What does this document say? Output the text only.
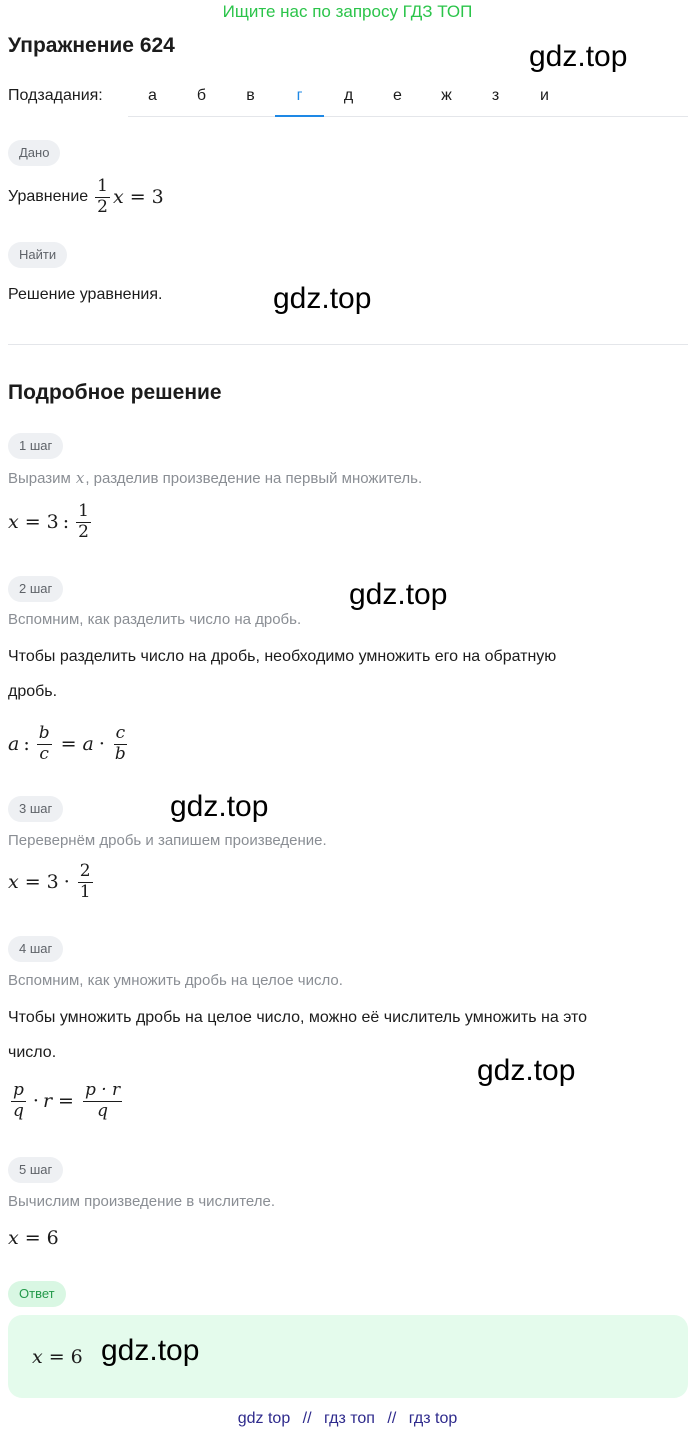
Ищите нас по запросу ГДЗ ТОП
Упражнение 624	gdz.top
Подзадания:	а	б	в	г	д	е	ж	з	и
Дано
Уравнение $\frac{1}{2}$ x = 3
Найти
Решение уравнения.	gdz.top
Подробное решение
1 шаг
Выразим x , разделив произведение на первый множитель.
x = 3 : $\frac{1}{2}$
2 шаг
Вспомним, как разделить число на дробь.
gdz.top
Чтобы разделить число на дробь, необходимо умножить его на обратную
дробь.
a : $\frac{b}{c} = a \cdot \frac{c}{b}$
3 шаг	gdz.top
Перевернём дробь и запишем произведение.
$x = 3 \cdot \frac{2}{1}$
4 шаг
Вспомним, как умножить дробь на целое число.
Чтобы умножить дробь на целое число, можно её числитель умножить на это
число.
gdz.top
$\frac{p}{q} \cdot r = \frac{p \cdot r}{q}$
5 шаг
Вычислим произведение в числителе.
x = 6
Ответ
x = 6 gdz.top
gdz top // гдз топ // гдз top
